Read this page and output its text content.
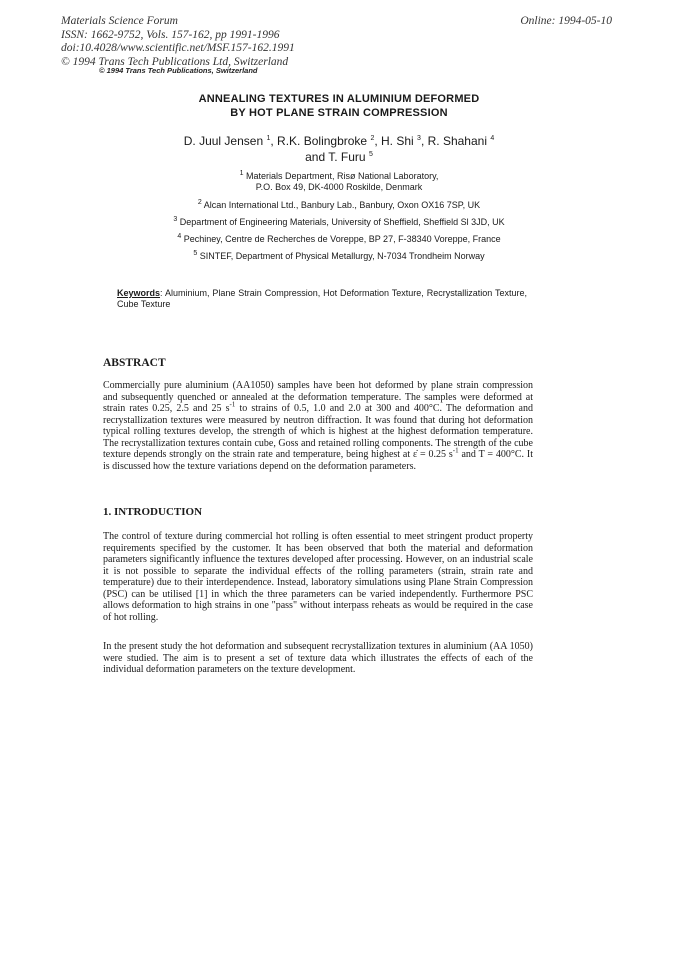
Materials Science Forum
ISSN: 1662-9752, Vols. 157-162, pp 1991-1996
doi:10.4028/www.scientific.net/MSF.157-162.1991
© 1994 Trans Tech Publications Ltd, Switzerland
Online: 1994-05-10
© 1994 Trans Tech Publications, Switzerland
ANNEALING TEXTURES IN ALUMINIUM DEFORMED
BY HOT PLANE STRAIN COMPRESSION
D. Juul Jensen $^1$, R.K. Bolingbroke $^2$, H. Shi $^3$, R. Shahani $^4$
and T. Furu $^5$
$^1$ Materials Department, Risø National Laboratory,
P.O. Box 49, DK-4000 Roskilde, Denmark
$^2$ Alcan International Ltd., Banbury Lab., Banbury, Oxon OX16 7SP, UK
$^3$ Department of Engineering Materials, University of Sheffield, Sheffield Sl 3JD, UK
$^4$ Pechiney, Centre de Recherches de Voreppe, BP 27, F-38340 Voreppe, France
$^5$ SINTEF, Department of Physical Metallurgy, N-7034 Trondheim Norway
Keywords: Aluminium, Plane Strain Compression, Hot Deformation Texture, Recrystallization Texture, Cube Texture
ABSTRACT
Commercially pure aluminium (AA1050) samples have been hot deformed by plane strain compression and subsequently quenched or annealed at the deformation temperature. The samples were deformed at strain rates 0.25, 2.5 and 25 $s^{-1}$ to strains of 0.5, 1.0 and 2.0 at 300 and 400°C. The deformation and recrystallization textures were measured by neutron diffraction. It was found that during hot deformation typical rolling textures develop, the strength of which is highest at the highest deformation temperature. The recrystallization textures contain cube, Goss and retained rolling components. The strength of the cube texture depends strongly on the strain rate and temperature, being highest at ε̇ = 0.25 $s^{-1}$ and T = 400°C. It is discussed how the texture variations depend on the deformation parameters.
1. INTRODUCTION
The control of texture during commercial hot rolling is often essential to meet stringent product property requirements specified by the customer. It has been observed that both the material and deformation parameters significantly influence the textures developed after processing. However, on an industrial scale it is not possible to separate the individual effects of the rolling parameters (strain, strain rate and temperature) due to their interdependence. Instead, laboratory simulations using Plane Strain Compression (PSC) can be utilised [1] in which the three parameters can be varied independently. Furthermore PSC allows deformation to high strains in one "pass" without interpass reheats as would be required in the case of hot rolling.
In the present study the hot deformation and subsequent recrystallization textures in aluminium (AA 1050) were studied. The aim is to present a set of texture data which illustrates the effects of each of the individual deformation parameters on the texture development.
